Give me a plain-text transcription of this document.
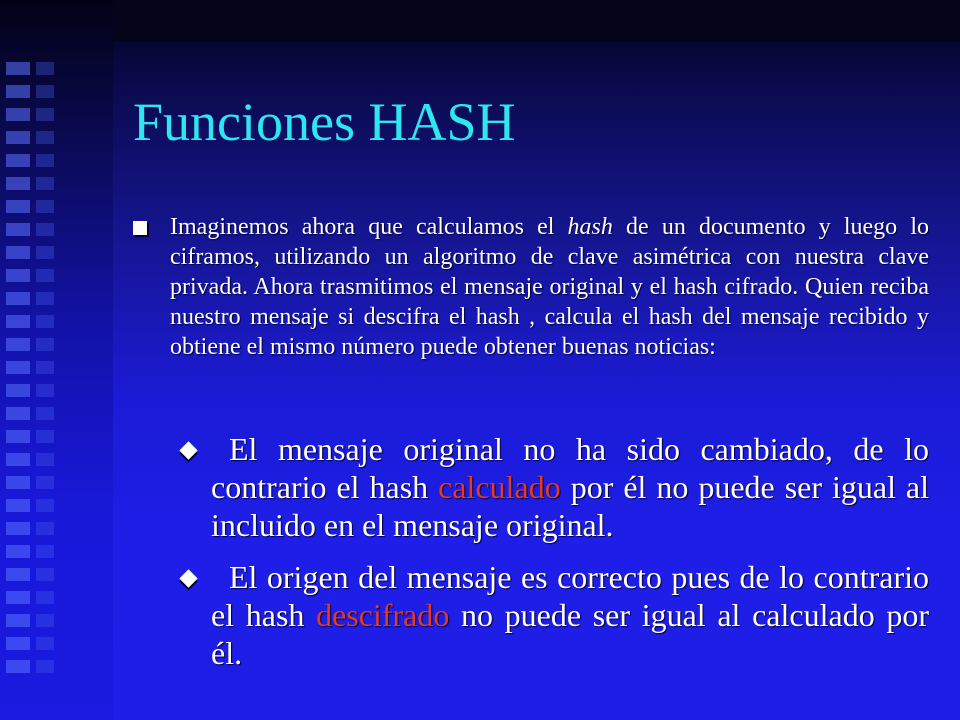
Funciones HASH
Imaginemos ahora que calculamos el hash de un documento y luego lo ciframos, utilizando un algoritmo de clave asimétrica con nuestra clave privada. Ahora trasmitimos el mensaje original y el hash cifrado. Quien reciba nuestro mensaje si descifra el hash , calcula el hash del mensaje recibido y obtiene el mismo número puede obtener buenas noticias:
El mensaje original no ha sido cambiado, de lo contrario el hash calculado por él no puede ser igual al incluido en el mensaje original.
El origen del mensaje es correcto pues de lo contrario el hash descifrado no puede ser igual al calculado por él.
